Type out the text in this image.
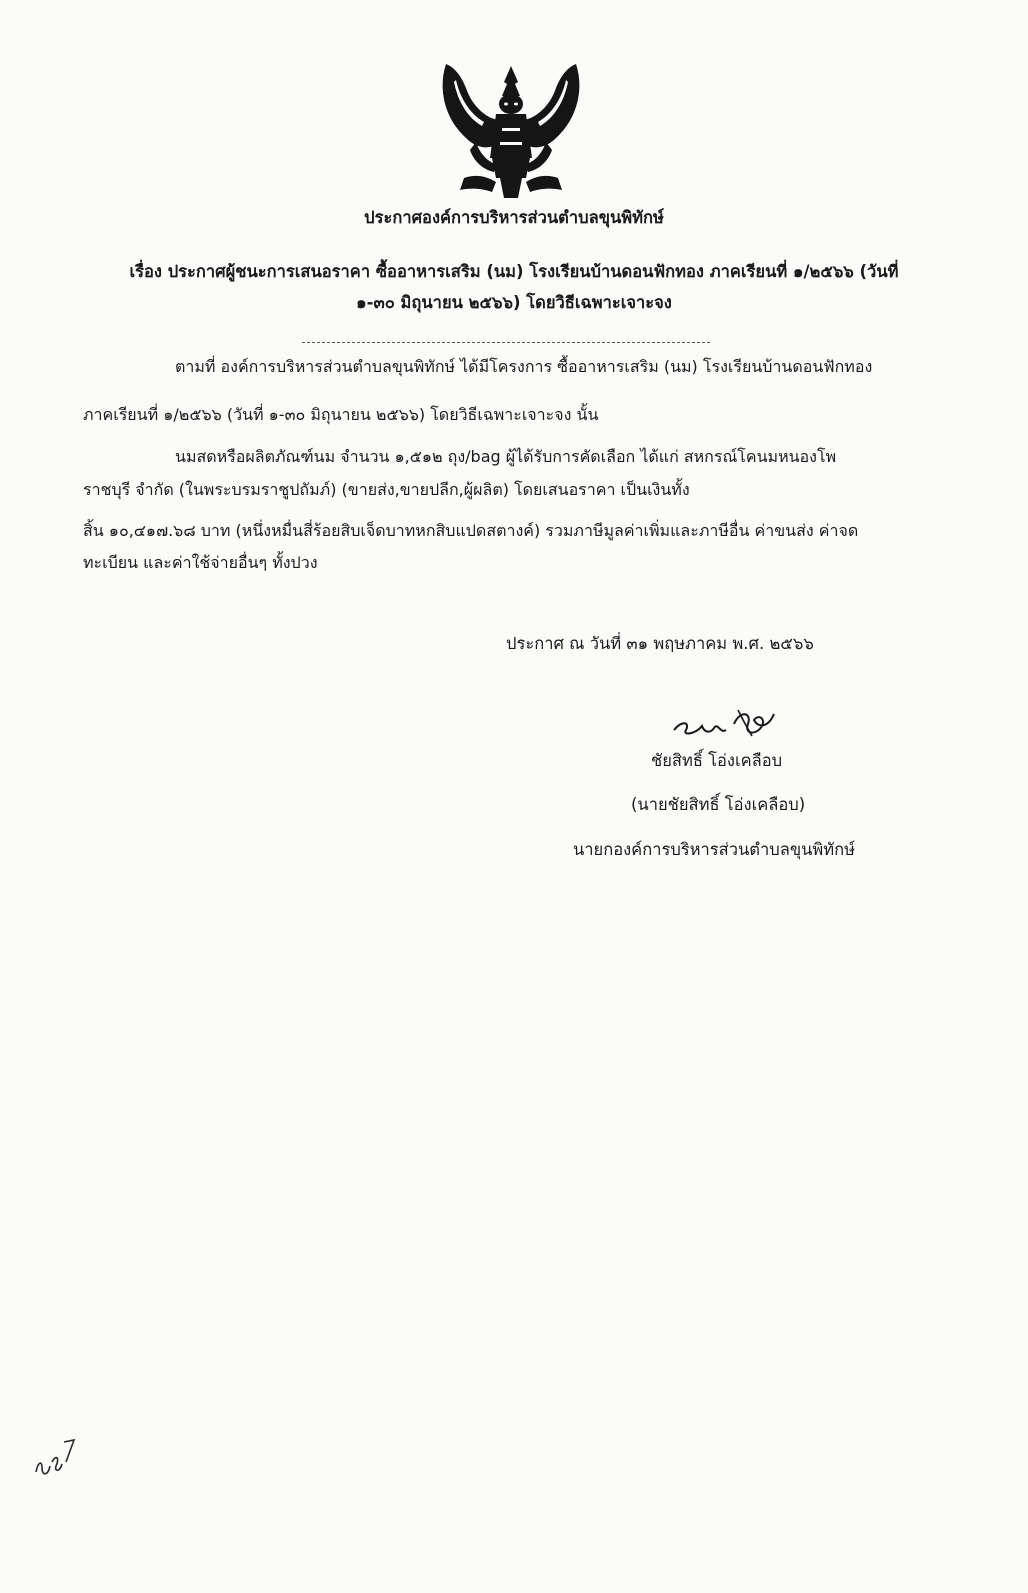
ประกาศองค์การบริหารส่วนตำบลขุนพิทักษ์
เรื่อง ประกาศผู้ชนะการเสนอราคา ซื้ออาหารเสริม (นม) โรงเรียนบ้านดอนฟักทอง ภาคเรียนที่ ๑/๒๕๖๖ (วันที่
๑-๓๐ มิถุนายน ๒๕๖๖) โดยวิธีเฉพาะเจาะจง
ตามที่ องค์การบริหารส่วนตำบลขุนพิทักษ์ ได้มีโครงการ ซื้ออาหารเสริม (นม) โรงเรียนบ้านดอนฟักทอง
ภาคเรียนที่ ๑/๒๕๖๖ (วันที่ ๑-๓๐ มิถุนายน ๒๕๖๖) โดยวิธีเฉพาะเจาะจง นั้น
นมสดหรือผลิตภัณฑ์นม จำนวน ๑,๕๑๒ ถุง/bag ผู้ได้รับการคัดเลือก ได้แก่ สหกรณ์โคนมหนองโพ
ราชบุรี จำกัด (ในพระบรมราชูปถัมภ์) (ขายส่ง,ขายปลีก,ผู้ผลิต) โดยเสนอราคา เป็นเงินทั้ง
สิ้น ๑๐,๔๑๗.๖๘ บาท (หนึ่งหมื่นสี่ร้อยสิบเจ็ดบาทหกสิบแปดสตางค์) รวมภาษีมูลค่าเพิ่มและภาษีอื่น ค่าขนส่ง ค่าจด
ทะเบียน และค่าใช้จ่ายอื่นๆ ทั้งปวง
ประกาศ ณ วันที่ ๓๑ พฤษภาคม พ.ศ. ๒๕๖๖
ชัยสิทธิ์ โอ่งเคลือบ
(นายชัยสิทธิ์ โอ่งเคลือบ)
นายกองค์การบริหารส่วนตำบลขุนพิทักษ์
